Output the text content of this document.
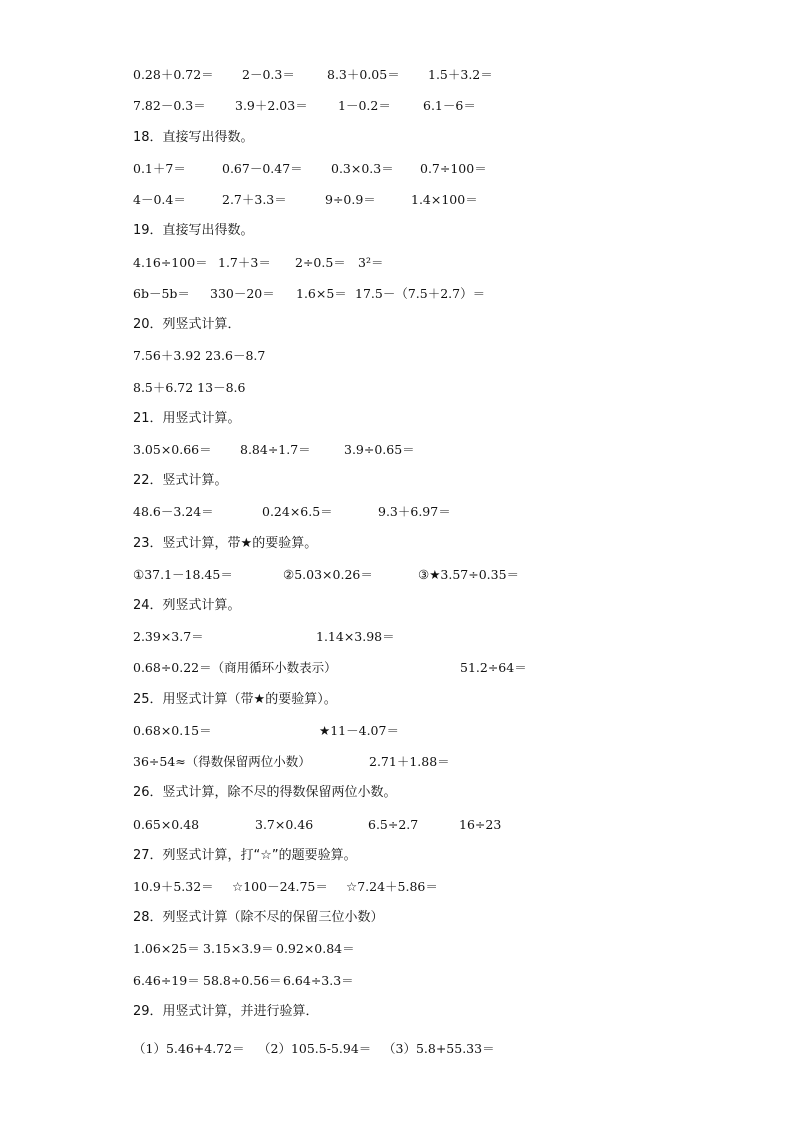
0.28＋0.72＝ 2－0.3＝	8.3＋0.05＝ 1.5＋3.2＝
7.82－0.3＝ 3.9＋2.03＝ 1－0.2＝	6.1－6＝
18．直接写出得数。
0.1＋7＝	0.67－0.47＝ 0.3×0.3＝ 0.7÷100＝
4－0.4＝	2.7＋3.3＝	9÷0.9＝	1.4×100＝
19．直接写出得数。
4.16÷100＝ 1.7＋3＝ 2÷0.5＝ 3²＝
6b－5b＝ 330－20＝ 1.6×5＝ 17.5－（7.5＋2.7）＝
20．列竖式计算．
7.56＋3.92 23.6－8.7
8.5＋6.72 13－8.6
21．用竖式计算。
3.05×0.66＝ 8.84÷1.7＝	3.9÷0.65＝
22．竖式计算。
48.6－3.24＝	0.24×6.5＝	9.3＋6.97＝
23．竖式计算，带★的要验算。
①37.1－18.45＝	②5.03×0.26＝	③★3.57÷0.35＝
24．列竖式计算。
2.39×3.7＝	1.14×3.98＝
0.68÷0.22＝（商用循环小数表示）	51.2÷64＝
25．用竖式计算（带★的要验算）。
0.68×0.15＝	★11－4.07＝
36÷54≈（得数保留两位小数）	2.71＋1.88＝
26．竖式计算，除不尽的得数保留两位小数。
0.65×0.48	3.7×0.46	6.5÷2.7	16÷23
27．列竖式计算，打“☆”的题要验算。
10.9＋5.32＝ ☆100－24.75＝ ☆7.24＋5.86＝
28．列竖式计算（除不尽的保留三位小数）
1.06×25＝ 3.15×3.9＝ 0.92×0.84＝
6.46÷19＝ 58.8÷0.56＝ 6.64÷3.3＝
29．用竖式计算，并进行验算．
（1）5.46+4.72＝ （2）105.5-5.94＝ （3）5.8+55.33＝
